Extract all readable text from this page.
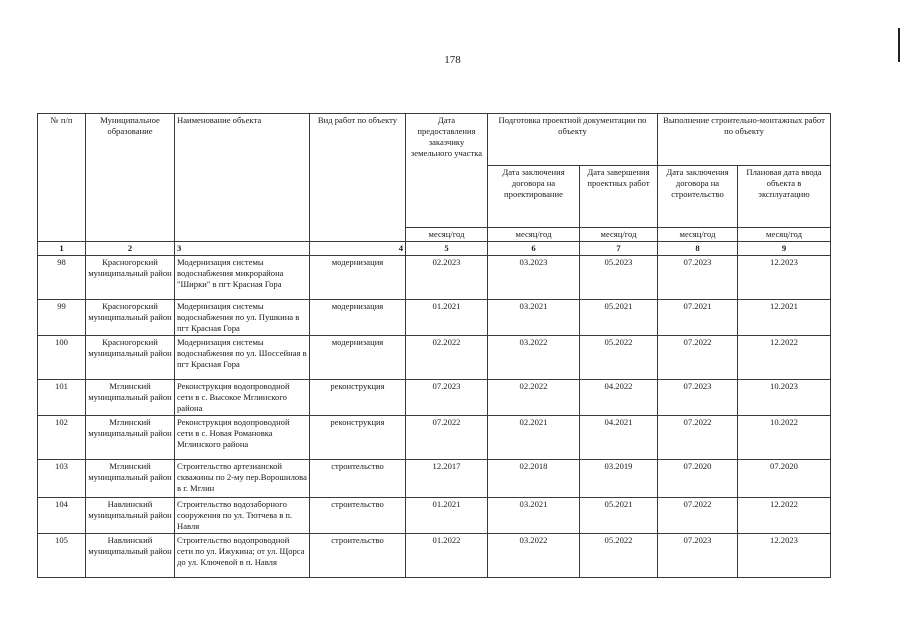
178
№ п/п	Муниципальное образование	Наименование объекта	Вид работ по объекту	Дата предоставления заказчику земельного участка	Подготовка проектной документации по объекту		Выполнение строительно-монтажных работ по объекту	
					Дата заключения договора на проектирование	Дата завершения проектных работ	Дата заключения договора на строительство	Плановая дата ввода объекта в эксплуатацию
				месяц/год	месяц/год	месяц/год	месяц/год	месяц/год
1	2	3	4	5	6	7	8	9
98	Красногорский муниципальный район	Модернизация системы водоснабжения микрорайона "Ширки" в пгт Красная Гора	модернизация	02.2023	03.2023	05.2023	07.2023	12.2023
99	Красногорский муниципальный район	Модернизация системы водоснабжения по ул. Пушкина в пгт Красная Гора	модернизация	01.2021	03.2021	05.2021	07.2021	12.2021
100	Красногорский муниципальный район	Модернизация системы водоснабжения по ул. Шоссейная в пгт Красная Гора	модернизация	02.2022	03.2022	05.2022	07.2022	12.2022
101	Мглинский муниципальный район	Реконструкция водопроводной сети в с. Высокое Мглинского района	реконструкция	07.2023	02.2022	04.2022	07.2023	10.2023
102	Мглинский муниципальный район	Реконструкция водопроводной сети в с. Новая Романовка Мглинского района	реконструкция	07.2022	02.2021	04.2021	07.2022	10.2022
103	Мглинский муниципальный район	Строительство артезианской скважины по 2-му пер.Ворошилова в г. Мглин	строительство	12.2017	02.2018	03.2019	07.2020	07.2020
104	Навлинский муниципальный район	Строительство водозаборного сооружения по ул. Тютчева в п. Навля	строительство	01.2021	03.2021	05.2021	07.2022	12.2022
105	Навлинский муниципальный район	Строительство водопроводной сети по ул. Ижукина; от ул. Щорса до ул. Ключевой в п. Навля	строительство	01.2022	03.2022	05.2022	07.2023	12.2023
